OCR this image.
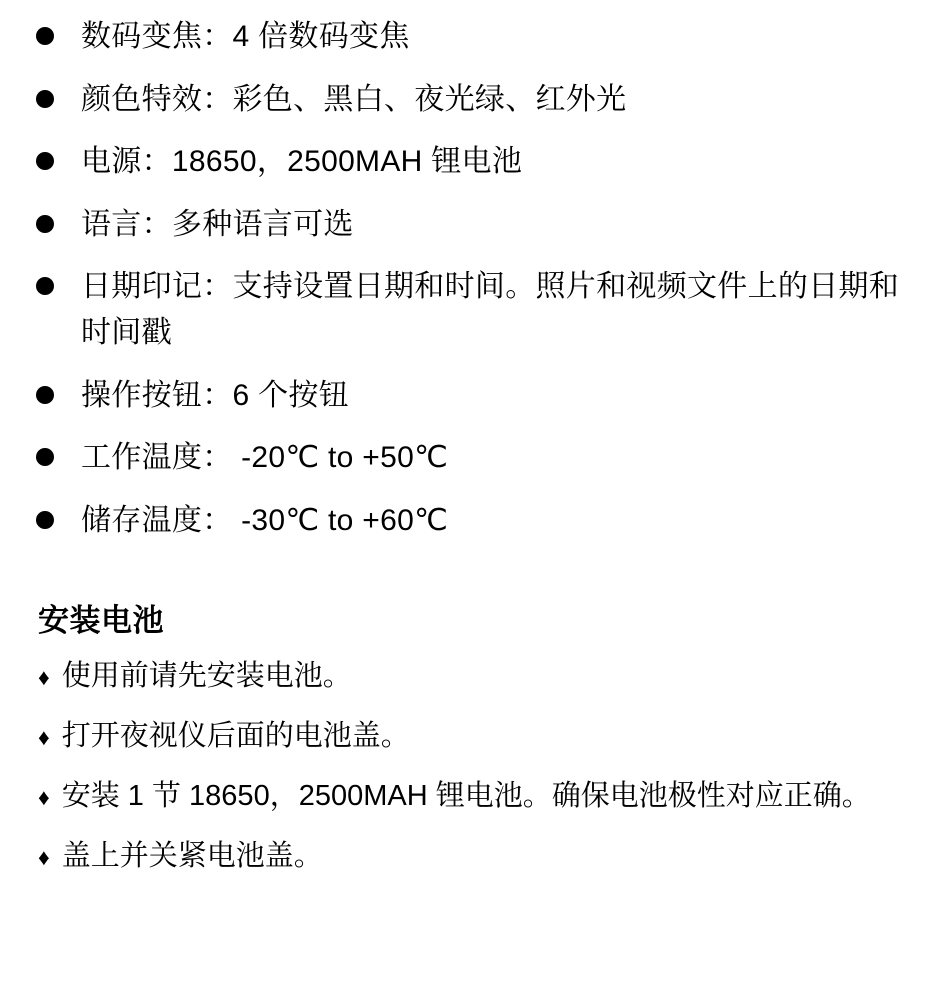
数码变焦：4 倍数码变焦
颜色特效：彩色、黑白、夜光绿、红外光
电源：18650，2500MAH 锂电池
语言：多种语言可选
日期印记：支持设置日期和时间。照片和视频文件上的日期和时间戳
操作按钮：6 个按钮
工作温度： -20℃ to +50℃
储存温度： -30℃ to +60℃
安装电池
♦ 使用前请先安装电池。
♦ 打开夜视仪后面的电池盖。
♦ 安装 1 节 18650，2500MAH 锂电池。确保电池极性对应正确。
♦ 盖上并关紧电池盖。
